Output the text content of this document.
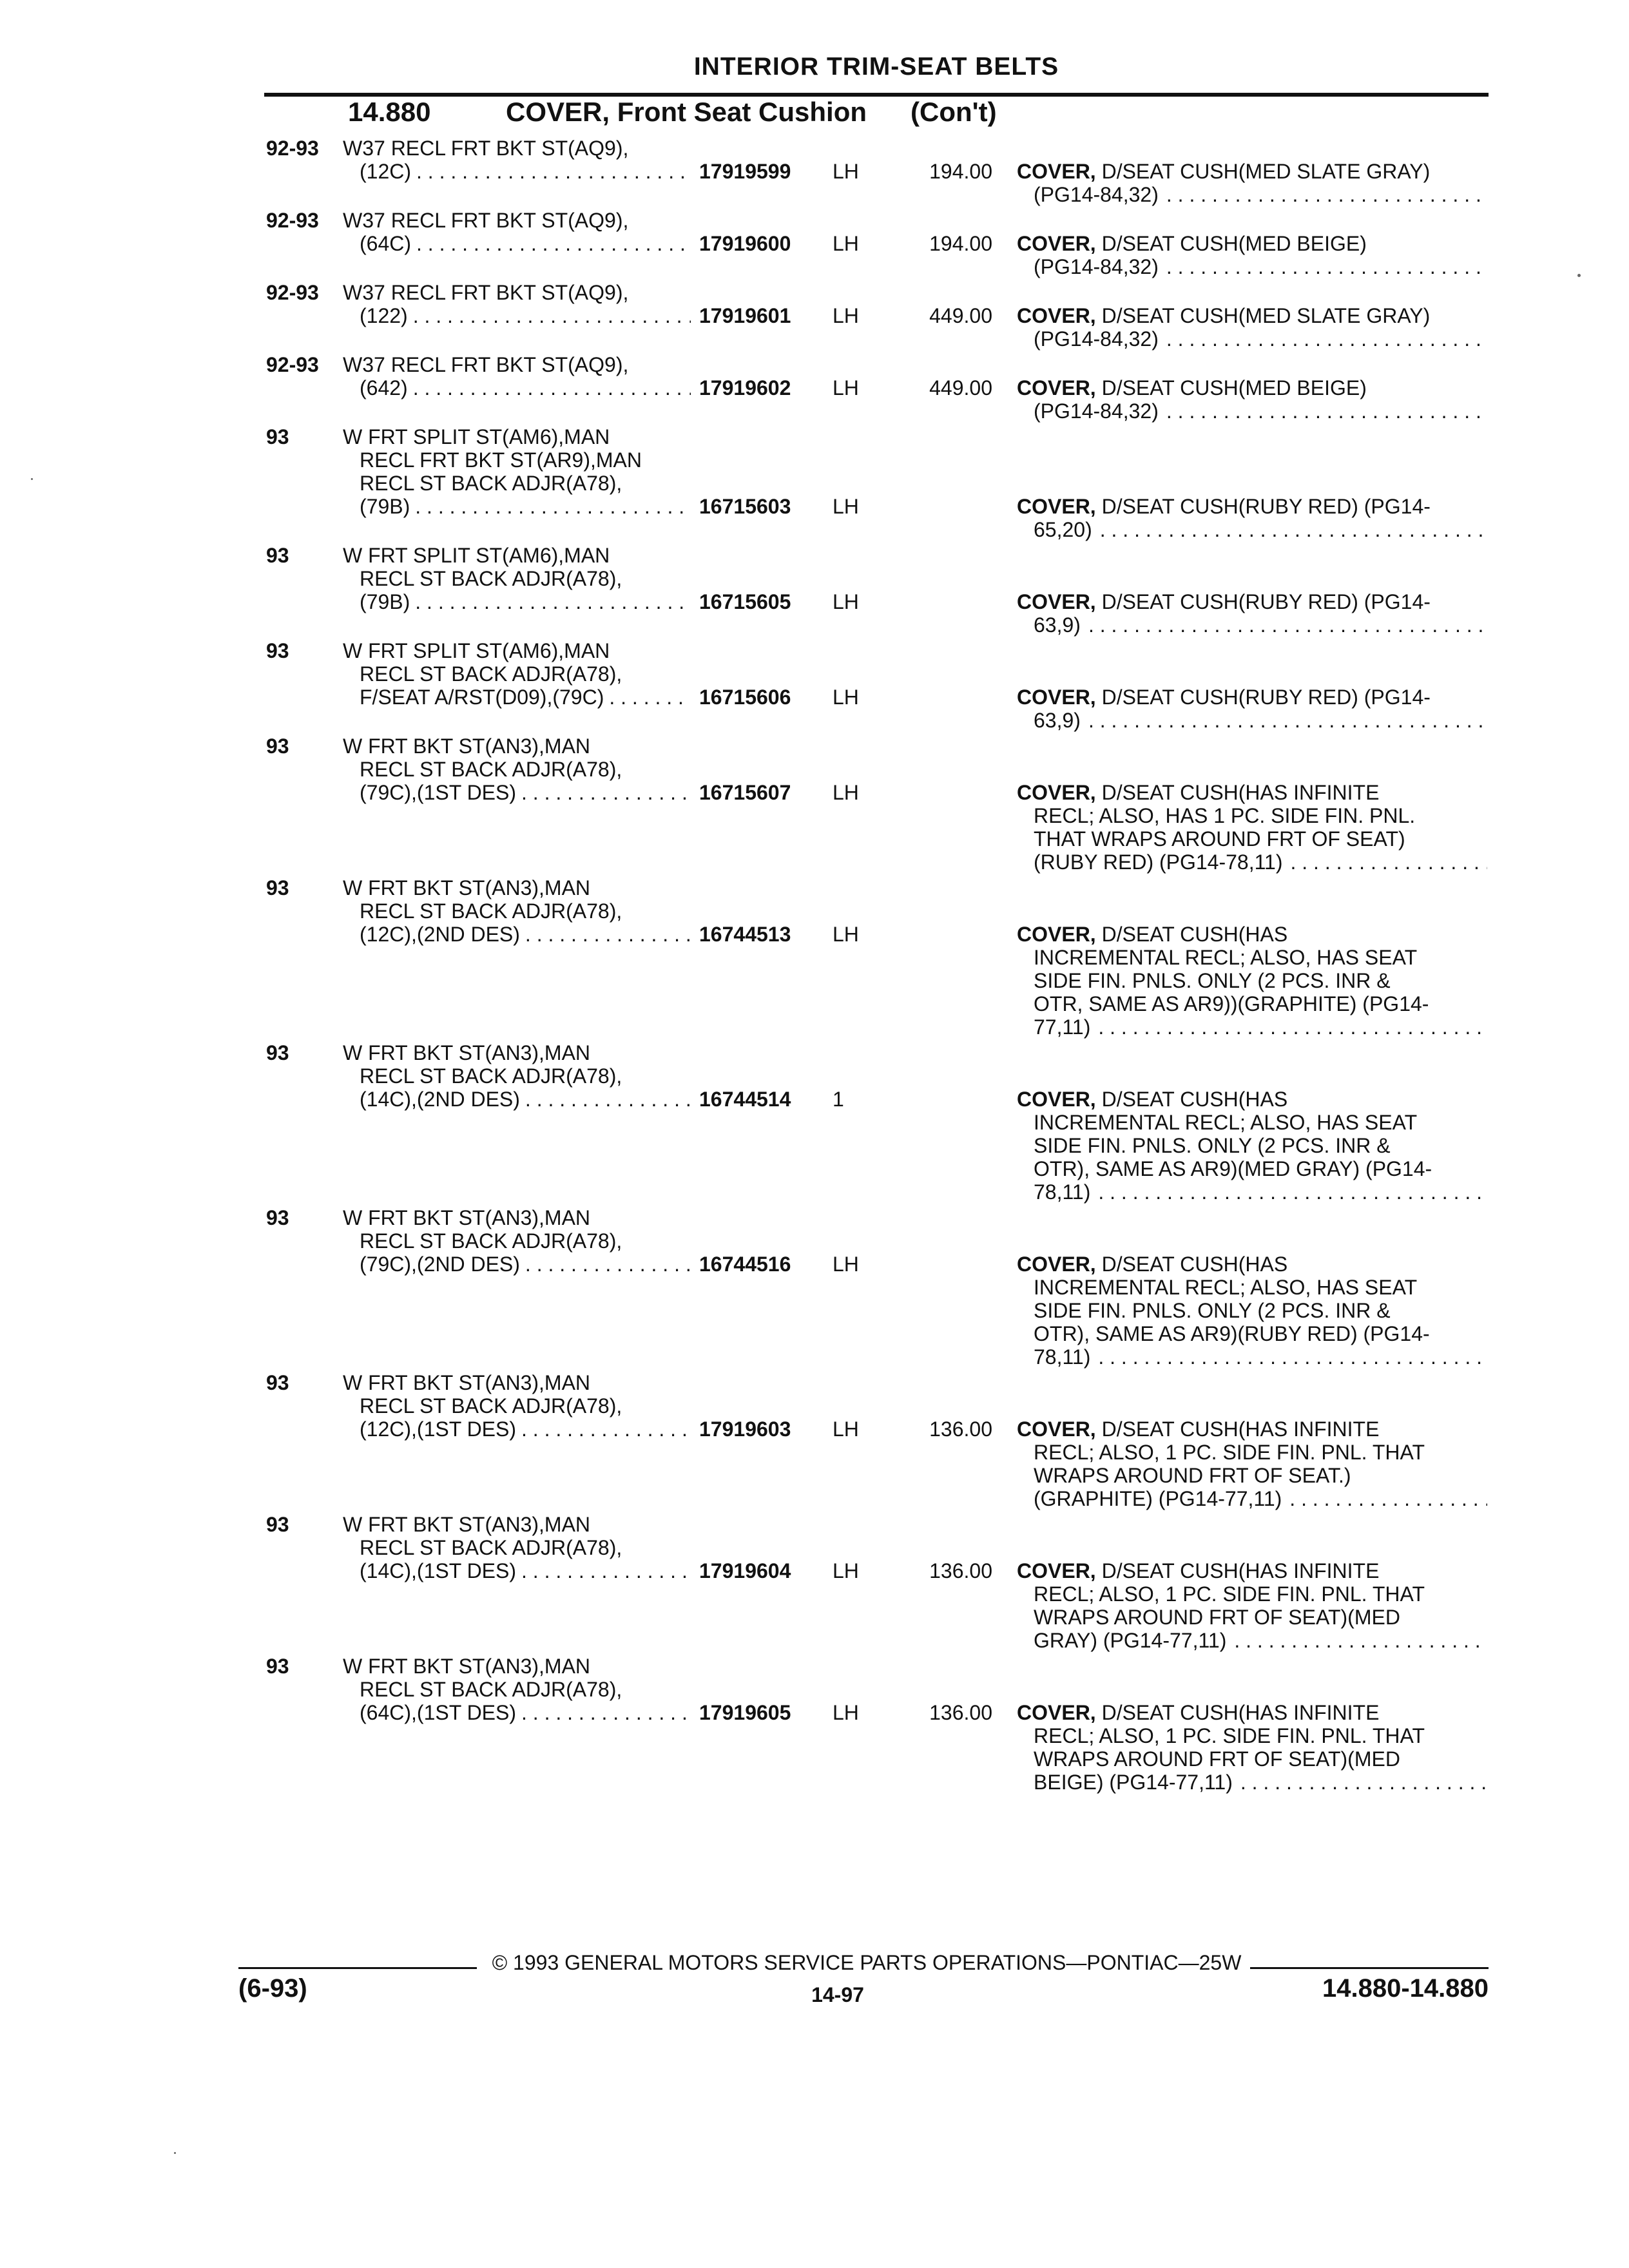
INTERIOR TRIM-SEAT BELTS
14.880	COVER, Front Seat Cushion (Con't)
92-93 W37 RECL FRT BKT ST(AQ9),
(12C) . . .	17919599 LH	194.00 COVER, D/SEAT CUSH(MED SLATE GRAY)
(PG14-84,32)
. . .
92-93 W37 RECL FRT BKT ST(AQ9),
(64C) . . .	17919600 LH	194.00 COVER, D/SEAT CUSH(MED BEIGE)
(PG14-84,32)
. . .
92-93 W37 RECL FRT BKT ST(AQ9),
(122) . . .	17919601 LH	449.00 COVER, D/SEAT CUSH(MED SLATE GRAY)
(PG14-84,32)
. . .
92-93 W37 RECL FRT BKT ST(AQ9),
(642) . . .	17919602 LH	449.00 COVER, D/SEAT CUSH(MED BEIGE)
(PG14-84,32)
. . .
93	W FRT SPLIT ST(AM6),MAN
RECL FRT BKT ST(AR9),MAN
RECL ST BACK ADJR(A78),
(79B) . . .	16715603 LH	COVER, D/SEAT CUSH(RUBY RED) (PG14-
65,20)
. . .
93	W FRT SPLIT ST(AM6),MAN
RECL ST BACK ADJR(A78),
(79B) . . .	16715605 LH	COVER, D/SEAT CUSH(RUBY RED) (PG14-
63,9)
. . .
93	W FRT SPLIT ST(AM6),MAN
RECL ST BACK ADJR(A78),
F/SEAT A/RST(D09),(79C) . . .	16715606 LH	COVER, D/SEAT CUSH(RUBY RED) (PG14-
63,9)
. . .
93	W FRT BKT ST(AN3),MAN
RECL ST BACK ADJR(A78),
(79C),(1ST DES) . . .	16715607 LH	COVER, D/SEAT CUSH(HAS INFINITE
RECL; ALSO, HAS 1 PC. SIDE FIN. PNL.
THAT WRAPS AROUND FRT OF SEAT)
(RUBY RED) (PG14-78,11)
. . .
93	W FRT BKT ST(AN3),MAN
RECL ST BACK ADJR(A78),
(12C),(2ND DES) . . .	16744513 LH	COVER, D/SEAT CUSH(HAS
INCREMENTAL RECL; ALSO, HAS SEAT
SIDE FIN. PNLS. ONLY (2 PCS. INR &
OTR, SAME AS AR9))(GRAPHITE) (PG14-
77,11)
. . .
93	W FRT BKT ST(AN3),MAN
RECL ST BACK ADJR(A78),
(14C),(2ND DES) . . .	16744514 1	COVER, D/SEAT CUSH(HAS
INCREMENTAL RECL; ALSO, HAS SEAT
SIDE FIN. PNLS. ONLY (2 PCS. INR &
OTR), SAME AS AR9)(MED GRAY) (PG14-
78,11)
. . .
93	W FRT BKT ST(AN3),MAN
RECL ST BACK ADJR(A78),
(79C),(2ND DES) . . .	16744516 LH	COVER, D/SEAT CUSH(HAS
INCREMENTAL RECL; ALSO, HAS SEAT
SIDE FIN. PNLS. ONLY (2 PCS. INR &
OTR), SAME AS AR9)(RUBY RED) (PG14-
78,11)
. . .
93	W FRT BKT ST(AN3),MAN
RECL ST BACK ADJR(A78),
(12C),(1ST DES) . . .	17919603 LH	136.00 COVER, D/SEAT CUSH(HAS INFINITE
RECL; ALSO, 1 PC. SIDE FIN. PNL. THAT
WRAPS AROUND FRT OF SEAT.)
(GRAPHITE) (PG14-77,11)
. . .
93	W FRT BKT ST(AN3),MAN
RECL ST BACK ADJR(A78),
(14C),(1ST DES) . . .	17919604 LH	136.00 COVER, D/SEAT CUSH(HAS INFINITE
RECL; ALSO, 1 PC. SIDE FIN. PNL. THAT
WRAPS AROUND FRT OF SEAT)(MED
GRAY) (PG14-77,11)
. . .
93	W FRT BKT ST(AN3),MAN
RECL ST BACK ADJR(A78),
(64C),(1ST DES) . . .	17919605 LH	136.00 COVER, D/SEAT CUSH(HAS INFINITE
RECL; ALSO, 1 PC. SIDE FIN. PNL. THAT
WRAPS AROUND FRT OF SEAT)(MED
BEIGE) (PG14-77,11)
. . .
© 1993 GENERAL MOTORS SERVICE PARTS OPERATIONS—PONTIAC—25W
(6-93)	14-97	14.880-14.880
